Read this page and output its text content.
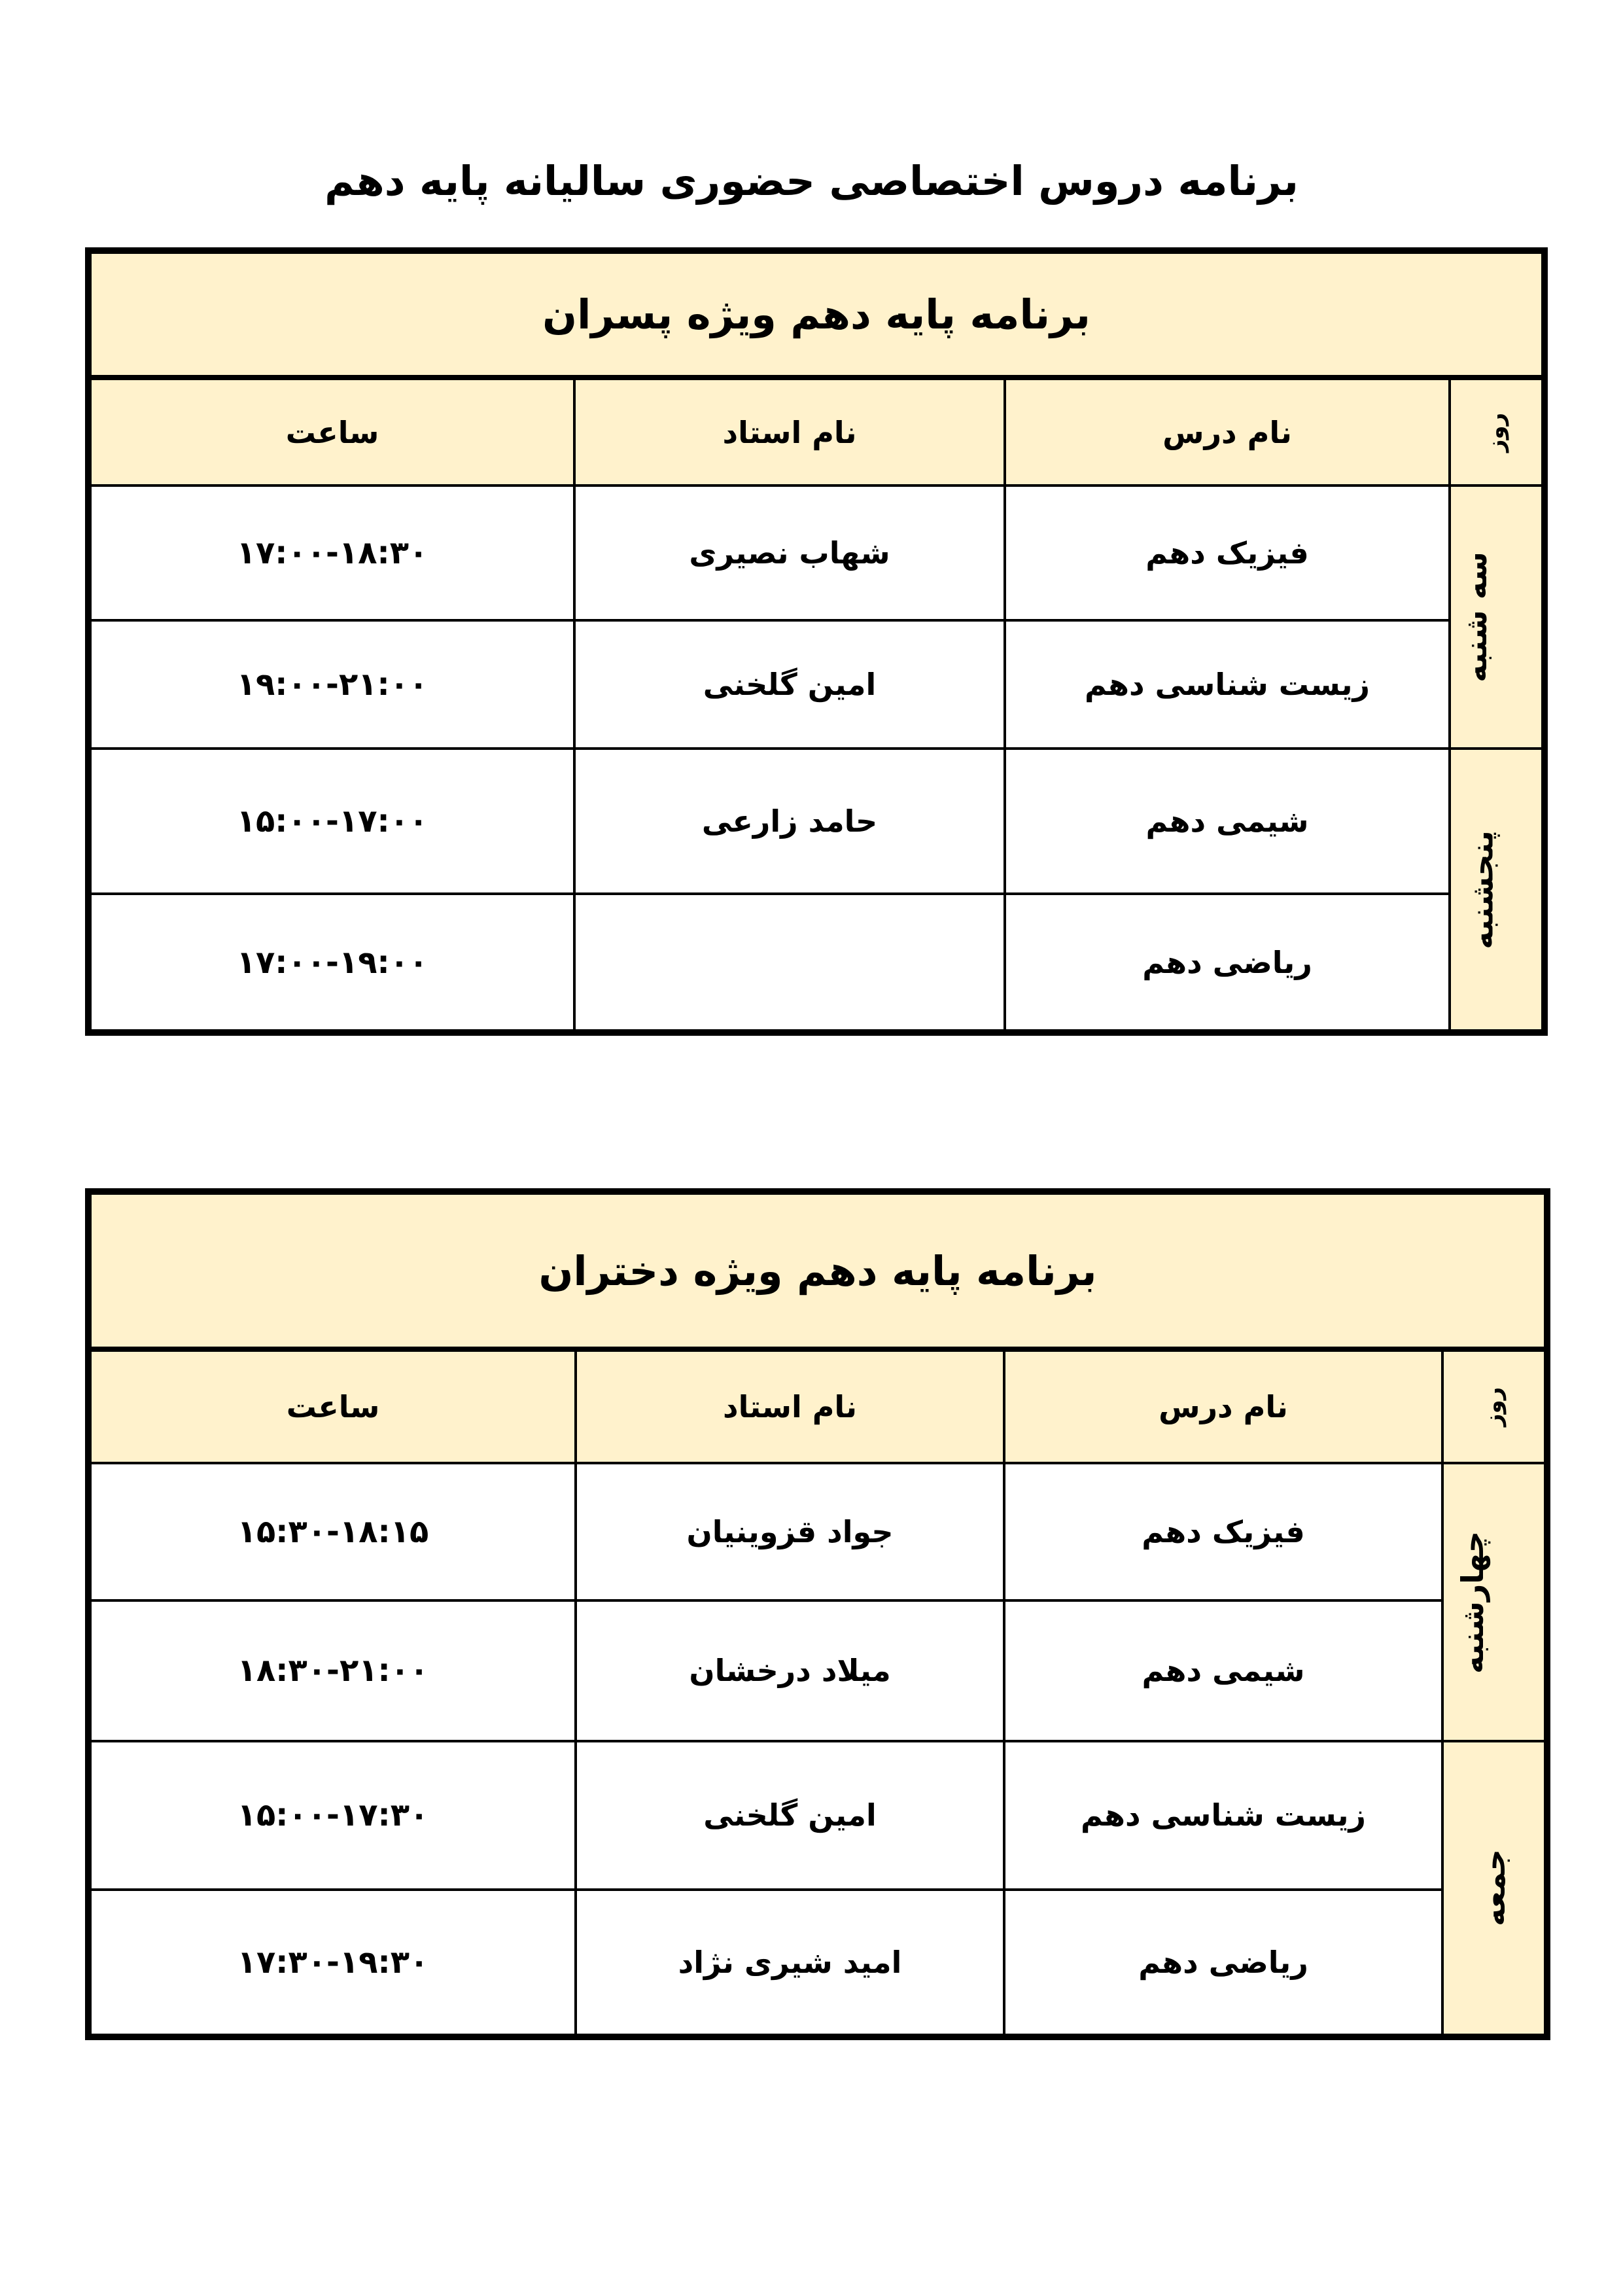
برنامه دروس اختصاصی حضوری سالیانه پایه دهم
برنامه پایه دهم ویژه پسران			
روز	نام درس	نام استاد	ساعت
سه شنبه	فیزیک دهم	شهاب نصیری	۱۷:۰۰-۱۸:۳۰
	زیست شناسی دهم	امین گلخنی	۱۹:۰۰-۲۱:۰۰
پنجشنبه	شیمی دهم	حامد زارعی	۱۵:۰۰-۱۷:۰۰
	ریاضی دهم		۱۷:۰۰-۱۹:۰۰
برنامه پایه دهم ویژه دختران			
روز	نام درس	نام استاد	ساعت
چهارشنبه	فیزیک دهم	جواد قزوینیان	۱۵:۳۰-۱۸:۱۵
	شیمی دهم	میلاد درخشان	۱۸:۳۰-۲۱:۰۰
جمعه	زیست شناسی دهم	امین گلخنی	۱۵:۰۰-۱۷:۳۰
	ریاضی دهم	امید شیری نژاد	۱۷:۳۰-۱۹:۳۰
